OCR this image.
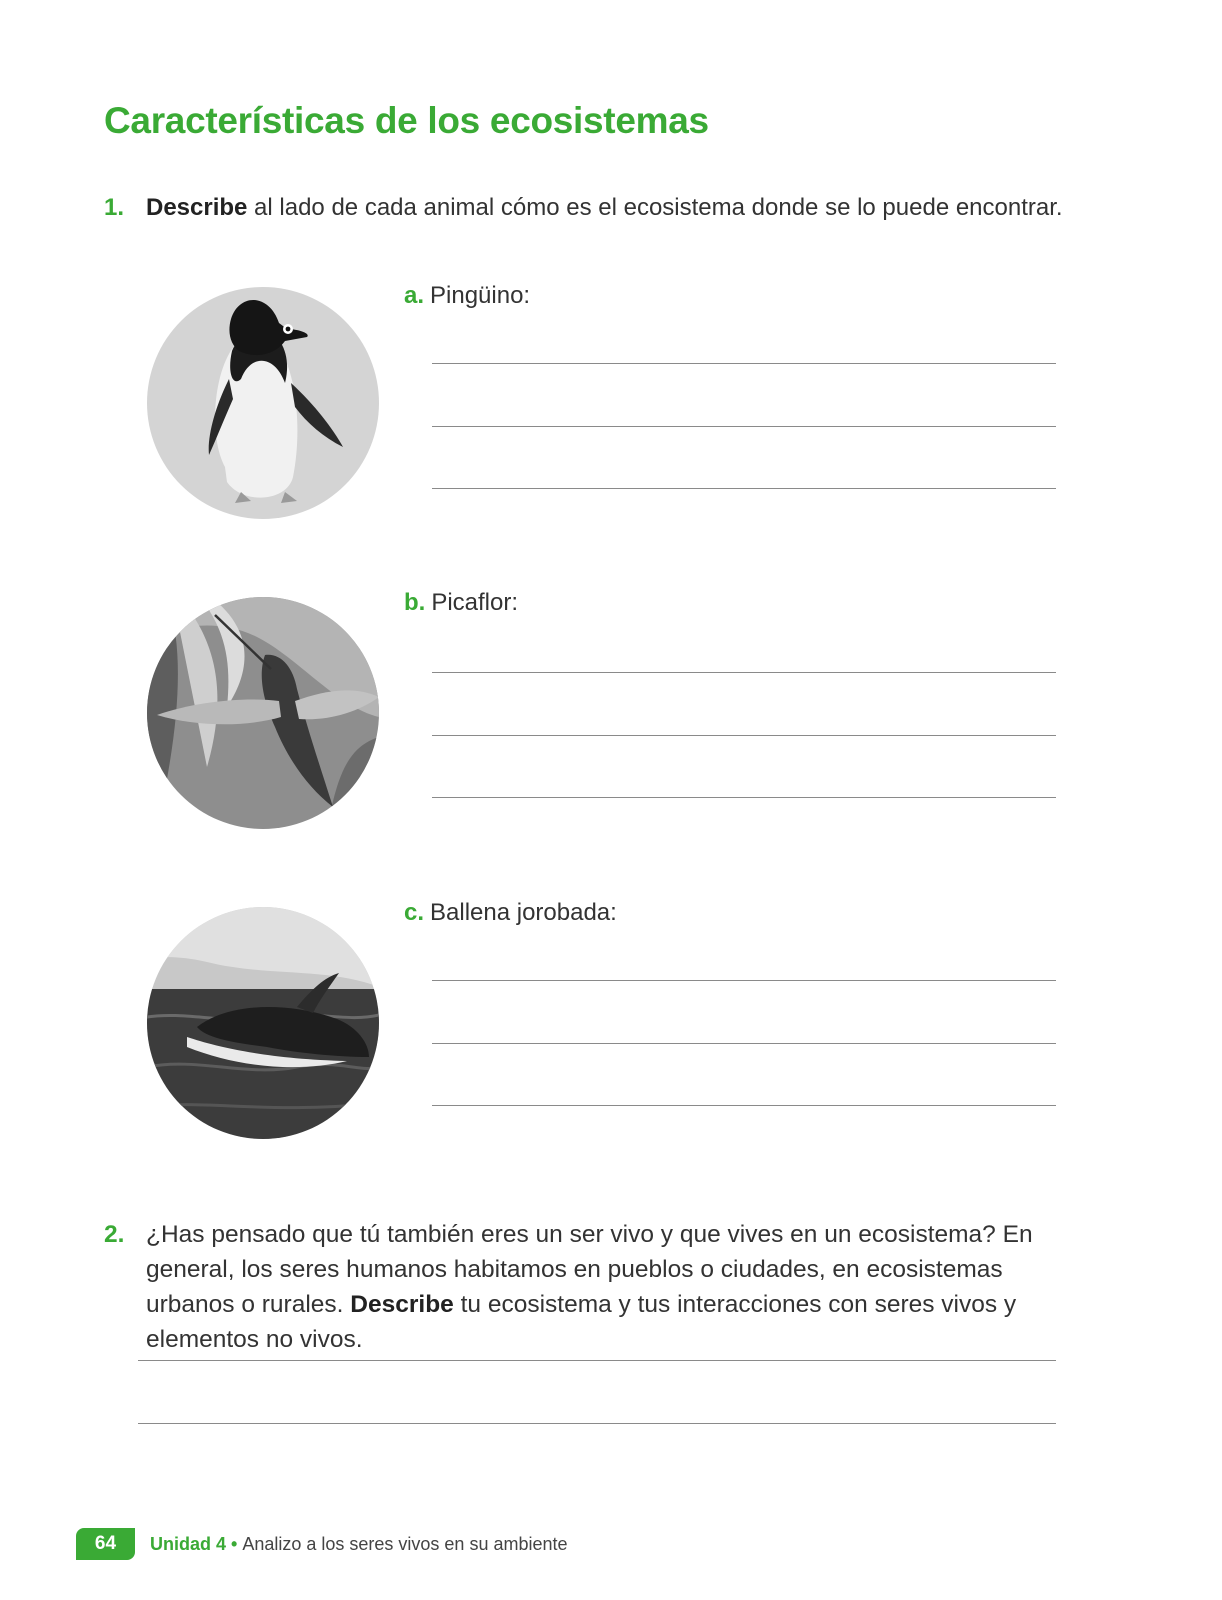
Características de los ecosistemas
1. Describe al lado de cada animal cómo es el ecosistema donde se lo puede encontrar.
a. Pingüino:
b. Picaflor:
c. Ballena jorobada:
2. ¿Has pensado que tú también eres un ser vivo y que vives en un ecosistema? En general, los seres humanos habitamos en pueblos o ciudades, en ecosistemas urbanos o rurales. Describe tu ecosistema y tus interacciones con seres vivos y elementos no vivos.
64	Unidad 4 • Analizo a los seres vivos en su ambiente
